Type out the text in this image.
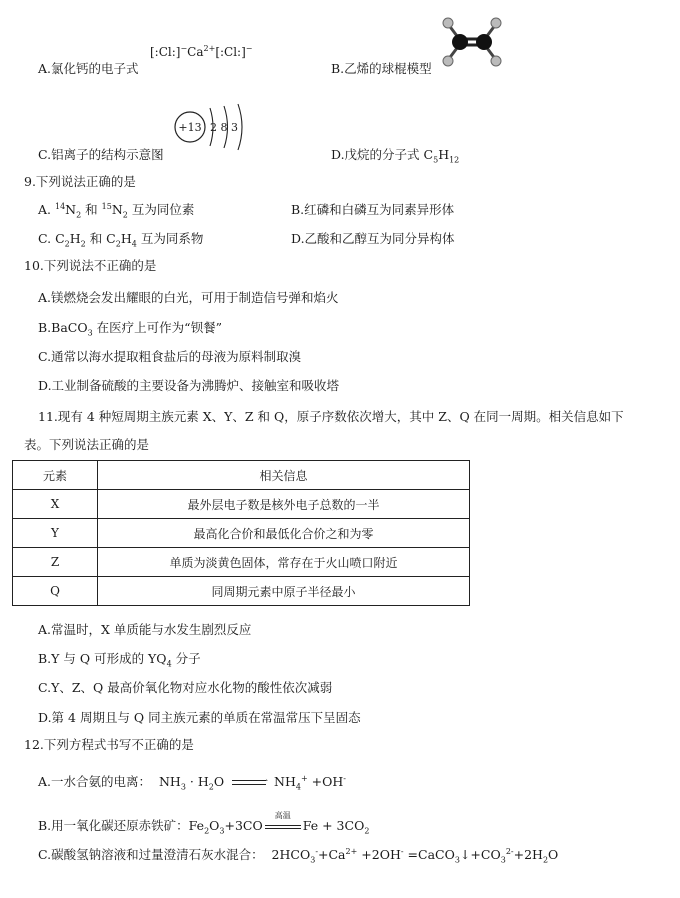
A.氯化钙的电子式
$[:Cl:]^-Ca^{2+}[:Cl:]^-$
B.乙烯的球棍模型
+13 2 8 3
C.铝离子的结构示意图	D.戊烷的分子式 $C_5H_{12}$
9.下列说法正确的是
A. $^{14}N_2$ 和 $^{15}N_2$ 互为同位素	B.红磷和白磷互为同素异形体
C. $C_2H_2$ 和 $C_2H_4$ 互为同系物	D.乙酸和乙醇互为同分异构体
10.下列说法不正确的是
A.镁燃烧会发出耀眼的白光，可用于制造信号弹和焰火
B.BaCO$_3$ 在医疗上可作为“钡餐”
C.通常以海水提取粗食盐后的母液为原料制取溴
D.工业制备硫酸的主要设备为沸腾炉、接触室和吸收塔
11.现有 4 种短周期主族元素 X、Y、Z 和 Q，原子序数依次增大，其中 Z、Q 在同一周期。相关信息如下
表。下列说法正确的是
元素	相关信息
X	最外层电子数是核外电子总数的一半
Y	最高化合价和最低化合价之和为零
Z	单质为淡黄色固体，常存在于火山喷口附近
Q	同周期元素中原子半径最小
A.常温时，X 单质能与水发生剧烈反应
B.Y 与 Q 可形成的 $YQ_4$ 分子
C.Y、Z、Q 最高价氧化物对应水化物的酸性依次减弱
D.第 4 周期且与 Q 同主族元素的单质在常温常压下呈固态
12.下列方程式书写不正确的是
A.一水合氨的电离： $NH_3 \cdot H_2O$	⇀ $NH_4^+ +OH^-$
B.用一氧化碳还原赤铁矿：$Fe_2O_3+3CO$
高温
$Fe + 3CO_2$
C.碳酸氢钠溶液和过量澄清石灰水混合： $2HCO_3^-+Ca^{2+} +2OH^-$ $=CaCO_3↓+CO_3^{2-}+2H_2O$
